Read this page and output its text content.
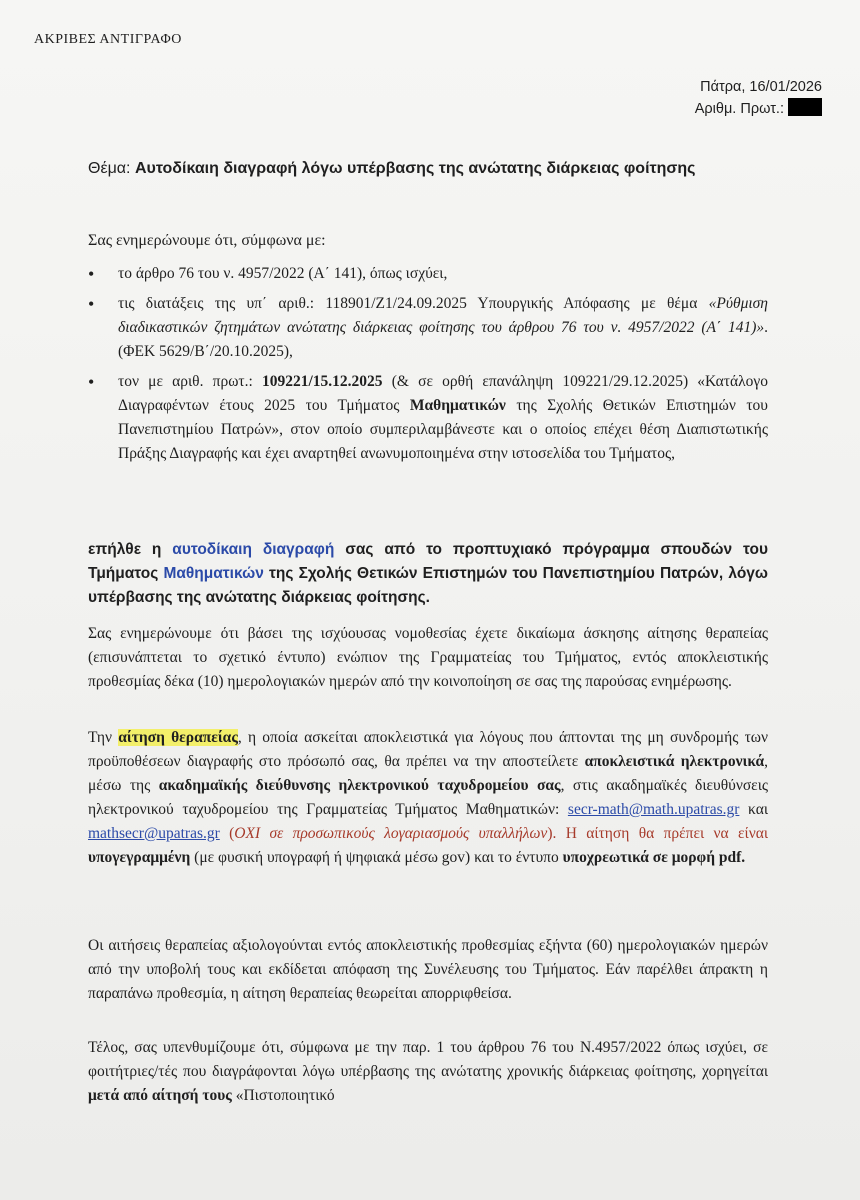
ΑΚΡΙΒΕΣ ΑΝΤΙΓΡΑΦΟ
Πάτρα, 16/01/2026
Αριθμ. Πρωτ.:
Θέμα: Αυτοδίκαιη διαγραφή λόγω υπέρβασης της ανώτατης διάρκειας φοίτησης
Σας ενημερώνουμε ότι, σύμφωνα με:
• το άρθρο 76 του ν. 4957/2022 (Α΄ 141), όπως ισχύει,
• τις διατάξεις της υπ΄ αριθ.: 118901/Ζ1/24.09.2025 Υπουργικής Απόφασης με θέμα «Ρύθμιση διαδικαστικών ζητημάτων ανώτατης διάρκειας φοίτησης του άρθρου 76 του ν. 4957/2022 (Α΄ 141)». (ΦΕΚ 5629/Β΄/20.10.2025),
• τον με αριθ. πρωτ.: 109221/15.12.2025 (& σε ορθή επανάληψη 109221/29.12.2025) «Κατάλογο Διαγραφέντων έτους 2025 του Τμήματος Μαθηματικών της Σχολής Θετικών Επιστημών του Πανεπιστημίου Πατρών», στον οποίο συμπεριλαμβάνεστε και ο οποίος επέχει θέση Διαπιστωτικής Πράξης Διαγραφής και έχει αναρτηθεί ανωνυμοποιημένα στην ιστοσελίδα του Τμήματος,
επήλθε η αυτοδίκαιη διαγραφή σας από το προπτυχιακό πρόγραμμα σπουδών του Τμήματος Μαθηματικών της Σχολής Θετικών Επιστημών του Πανεπιστημίου Πατρών, λόγω υπέρβασης της ανώτατης διάρκειας φοίτησης.
Σας ενημερώνουμε ότι βάσει της ισχύουσας νομοθεσίας έχετε δικαίωμα άσκησης αίτησης θεραπείας (επισυνάπτεται το σχετικό έντυπο) ενώπιον της Γραμματείας του Τμήματος, εντός αποκλειστικής προθεσμίας δέκα (10) ημερολογιακών ημερών από την κοινοποίηση σε σας της παρούσας ενημέρωσης.
Την αίτηση θεραπείας, η οποία ασκείται αποκλειστικά για λόγους που άπτονται της μη συνδρομής των προϋποθέσεων διαγραφής στο πρόσωπό σας, θα πρέπει να την αποστείλετε αποκλειστικά ηλεκτρονικά, μέσω της ακαδημαϊκής διεύθυνσης ηλεκτρονικού ταχυδρομείου σας, στις ακαδημαϊκές διευθύνσεις ηλεκτρονικού ταχυδρομείου της Γραμματείας Τμήματος Μαθηματικών: secr-math@math.upatras.gr και mathsecr@upatras.gr (ΟΧΙ σε προσωπικούς λογαριασμούς υπαλλήλων). Η αίτηση θα πρέπει να είναι υπογεγραμμένη (με φυσική υπογραφή ή ψηφιακά μέσω gov) και το έντυπο υποχρεωτικά σε μορφή pdf.
Οι αιτήσεις θεραπείας αξιολογούνται εντός αποκλειστικής προθεσμίας εξήντα (60) ημερολογιακών ημερών από την υποβολή τους και εκδίδεται απόφαση της Συνέλευσης του Τμήματος. Εάν παρέλθει άπρακτη η παραπάνω προθεσμία, η αίτηση θεραπείας θεωρείται απορριφθείσα.
Τέλος, σας υπενθυμίζουμε ότι, σύμφωνα με την παρ. 1 του άρθρου 76 του Ν.4957/2022 όπως ισχύει, σε φοιτήτριες/τές που διαγράφονται λόγω υπέρβασης της ανώτατης χρονικής διάρκειας φοίτησης, χορηγείται μετά από αίτησή τους «Πιστοποιητικό
